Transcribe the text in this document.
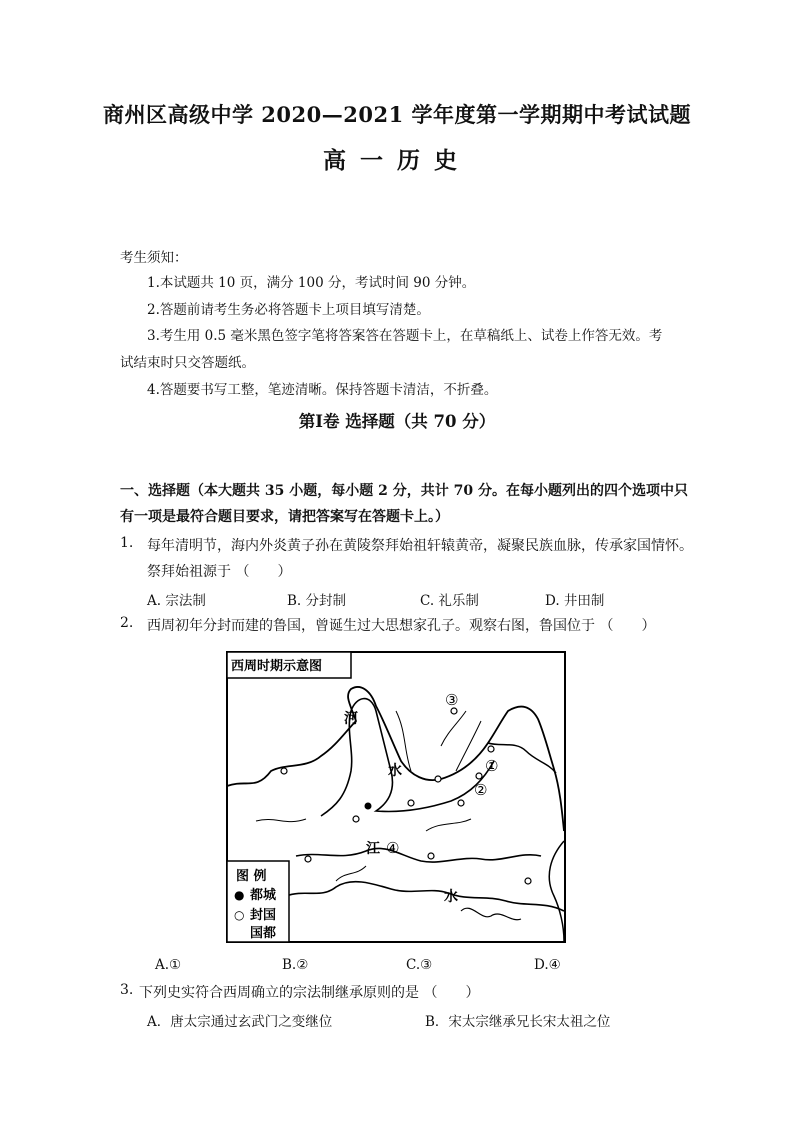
商州区高级中学 2020—2021 学年度第一学期期中考试试题
高一历史
考生须知：
1.本试题共 10 页，满分 100 分，考试时间 90 分钟。
2.答题前请考生务必将答题卡上项目填写清楚。
3.考生用 0.5 毫米黑色签字笔将答案答在答题卡上，在草稿纸上、试卷上作答无效。考
试结束时只交答题纸。
4.答题要书写工整，笔迹清晰。保持答题卡清洁，不折叠。
第Ⅰ卷 选择题（共 70 分）
一、选择题（本大题共 35 小题，每小题 2 分，共计 70 分。在每小题列出的四个选项中只
有一项是最符合题目要求，请把答案写在答题卡上。）
1. 每年清明节，海内外炎黄子孙在黄陵祭拜始祖轩辕黄帝，凝聚民族血脉，传承家国情怀。
祭拜始祖源于 （　　）
A. 宗法制	B. 分封制	C. 礼乐制	D. 井田制
2. 西周初年分封而建的鲁国，曾诞生过大思想家孔子。观察右图，鲁国位于 （　　）
西周时期示意图
河
水
江
水
③
①
②
④
图 例
● 都城
○ 封国
国都
A.①	B.②	C.③	D.④
3. 下列史实符合西周确立的宗法制继承原则的是 （　　）
A．唐太宗通过玄武门之变继位	B．宋太宗继承兄长宋太祖之位
